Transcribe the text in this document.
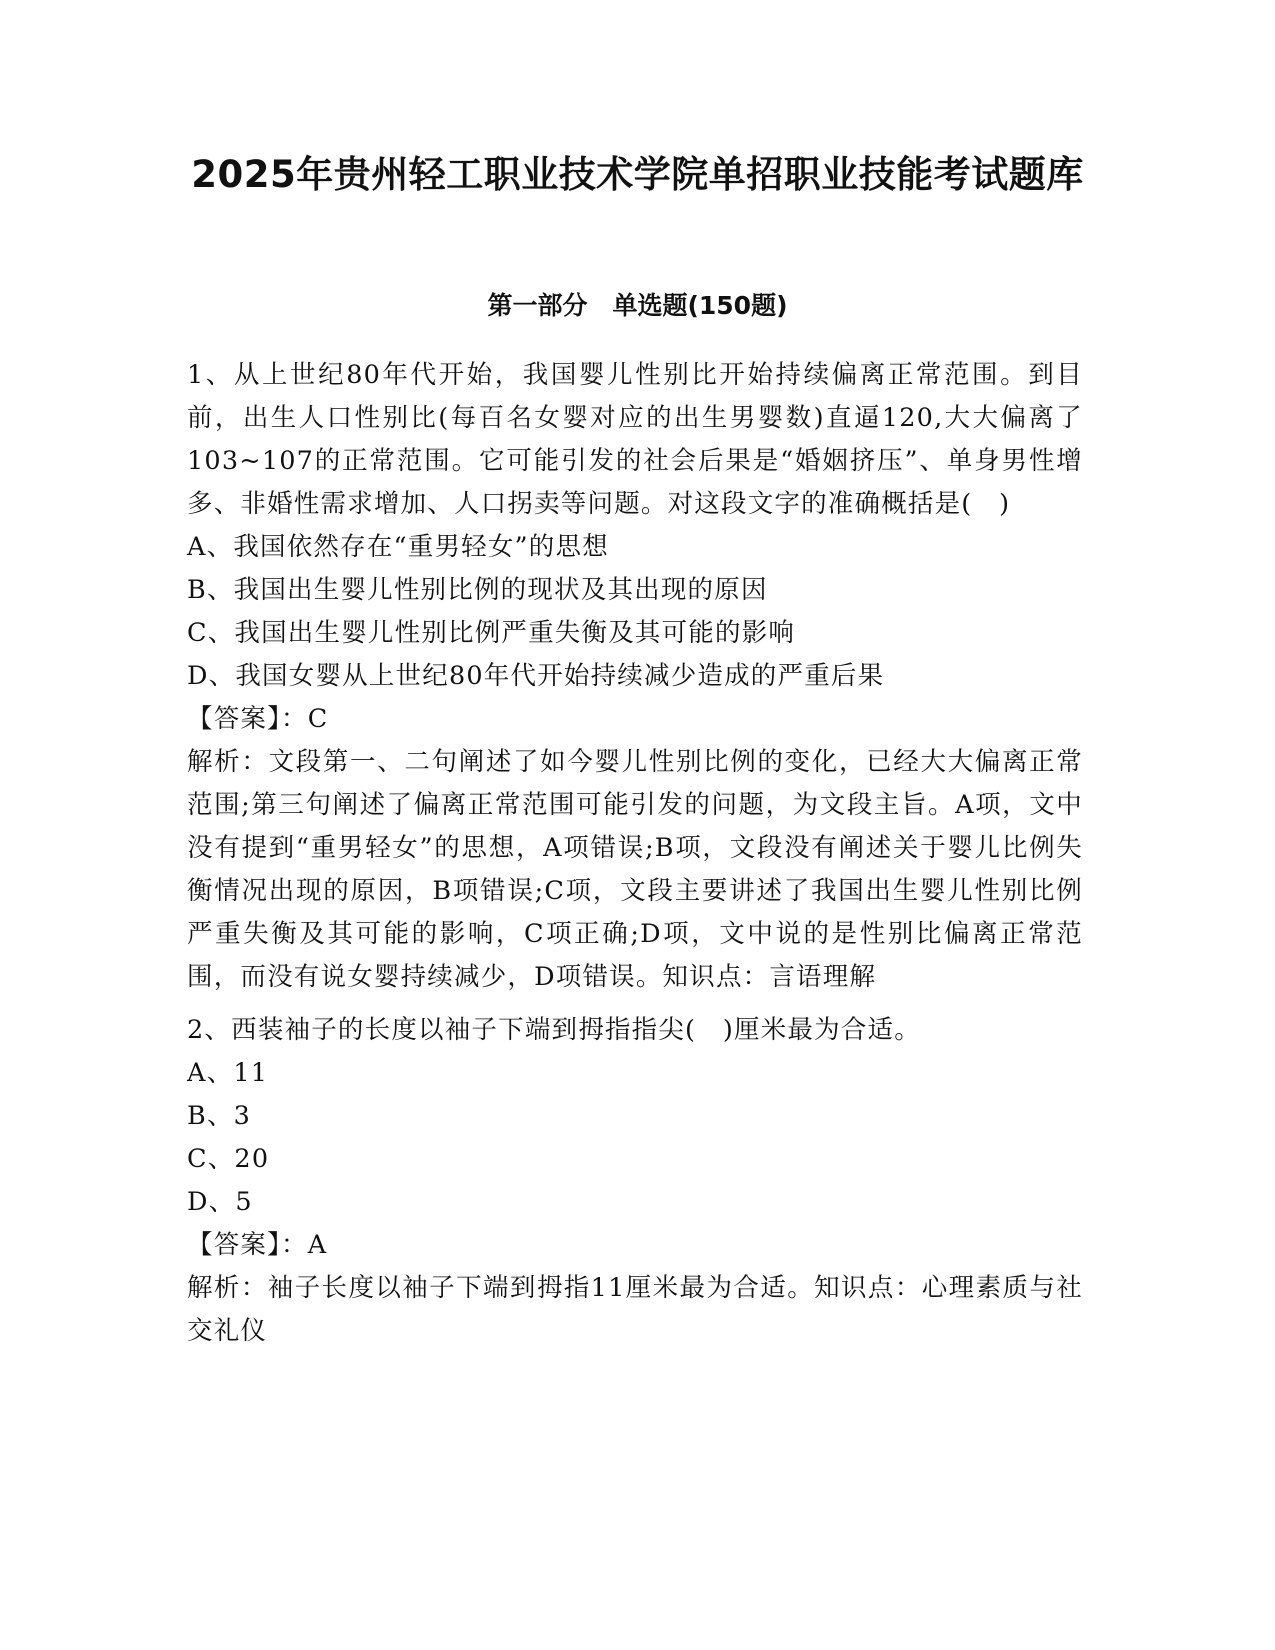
2025年贵州轻工职业技术学院单招职业技能考试题库
第一部分　单选题(150题)

1、从上世纪80年代开始，我国婴儿性别比开始持续偏离正常范围。到目前，出生人口性别比(每百名女婴对应的出生男婴数)直逼120,大大偏离了103~107的正常范围。它可能引发的社会后果是“婚姻挤压”、单身男性增多、非婚性需求增加、人口拐卖等问题。对这段文字的准确概括是(　)

A、我国依然存在“重男轻女”的思想

B、我国出生婴儿性别比例的现状及其出现的原因

C、我国出生婴儿性别比例严重失衡及其可能的影响

D、我国女婴从上世纪80年代开始持续减少造成的严重后果

【答案】：C

解析：文段第一、二句阐述了如今婴儿性别比例的变化，已经大大偏离正常范围;第三句阐述了偏离正常范围可能引发的问题，为文段主旨。A项，文中没有提到“重男轻女”的思想，A项错误;B项，文段没有阐述关于婴儿比例失衡情况出现的原因，B项错误;C项，文段主要讲述了我国出生婴儿性别比例严重失衡及其可能的影响，C项正确;D项，文中说的是性别比偏离正常范围，而没有说女婴持续减少，D项错误。知识点：言语理解

2、西装袖子的长度以袖子下端到拇指指尖(　)厘米最为合适。

A、11

B、3

C、20

D、5

【答案】：A

解析：袖子长度以袖子下端到拇指11厘米最为合适。知识点：心理素质与社交礼仪
